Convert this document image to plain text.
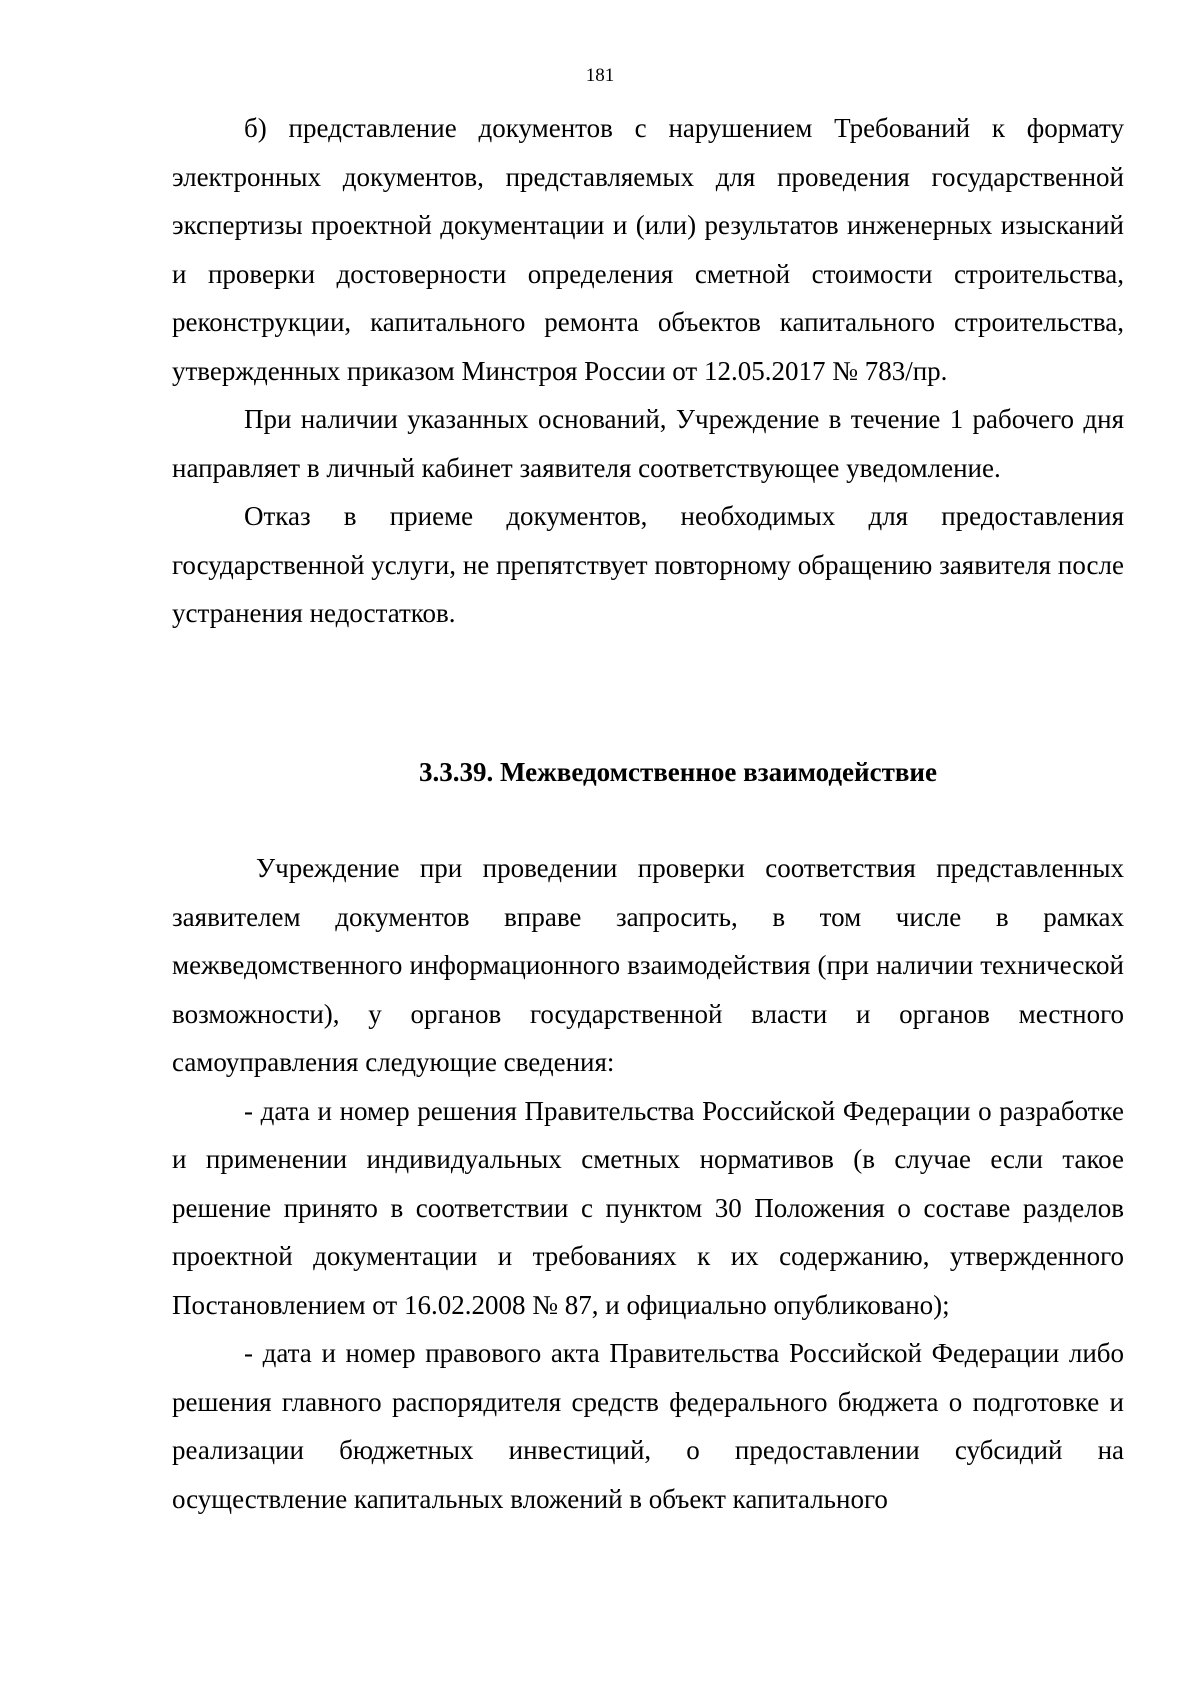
181

б) представление документов с нарушением Требований к формату электронных документов, представляемых для проведения государственной экспертизы проектной документации и (или) результатов инженерных изысканий и проверки достоверности определения сметной стоимости строительства, реконструкции, капитального ремонта объектов капитального строительства, утвержденных приказом Минстроя России от 12.05.2017 № 783/пр.

При наличии указанных оснований, Учреждение в течение 1 рабочего дня направляет в личный кабинет заявителя соответствующее уведомление.

Отказ в приеме документов, необходимых для предоставления государственной услуги, не препятствует повторному обращению заявителя после устранения недостатков.

3.3.39. Межведомственное взаимодействие

Учреждение при проведении проверки соответствия представленных заявителем документов вправе запросить, в том числе в рамках межведомственного информационного взаимодействия (при наличии технической возможности), у органов государственной власти и органов местного самоуправления следующие сведения:

- дата и номер решения Правительства Российской Федерации о разработке и применении индивидуальных сметных нормативов (в случае если такое решение принято в соответствии с пунктом 30 Положения о составе разделов проектной документации и требованиях к их содержанию, утвержденного Постановлением от 16.02.2008 № 87, и официально опубликовано);

- дата и номер правового акта Правительства Российской Федерации либо решения главного распорядителя средств федерального бюджета о подготовке и реализации бюджетных инвестиций, о предоставлении субсидий на осуществление капитальных вложений в объект капитального
